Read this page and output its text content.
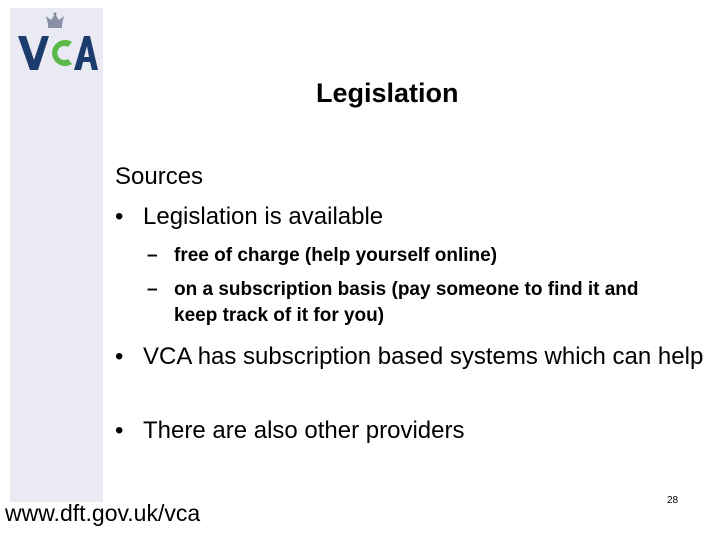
Legislation
Sources
• Legislation is available
– free of charge (help yourself online)
– on a subscription basis (pay someone to find it and keep track of it for you)
• VCA has subscription based systems which can help
• There are also other providers
www.dft.gov.uk/vca	28
